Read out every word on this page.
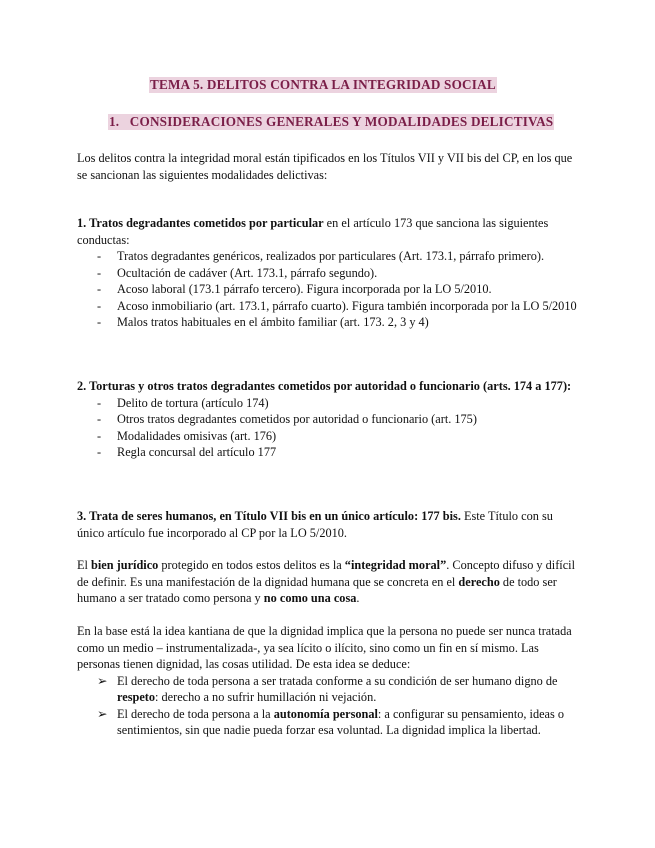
TEMA 5. DELITOS CONTRA LA INTEGRIDAD SOCIAL
1.   CONSIDERACIONES GENERALES Y MODALIDADES DELICTIVAS
Los delitos contra la integridad moral están tipificados en los Títulos VII y VII bis del CP, en los que se sancionan las siguientes modalidades delictivas:
1. Tratos degradantes cometidos por particular en el artículo 173 que sanciona las siguientes conductas:
- Tratos degradantes genéricos, realizados por particulares (Art. 173.1, párrafo primero).
- Ocultación de cadáver (Art. 173.1, párrafo segundo).
- Acoso laboral (173.1 párrafo tercero). Figura incorporada por la LO 5/2010.
- Acoso inmobiliario (art. 173.1, párrafo cuarto). Figura también incorporada por la LO 5/2010
- Malos tratos habituales en el ámbito familiar (art. 173. 2, 3 y 4)
2. Torturas y otros tratos degradantes cometidos por autoridad o funcionario (arts. 174 a 177):
- Delito de tortura (artículo 174)
- Otros tratos degradantes cometidos por autoridad o funcionario (art. 175)
- Modalidades omisivas (art. 176)
- Regla concursal del artículo 177
3. Trata de seres humanos, en Título VII bis en un único artículo: 177 bis. Este Título con su único artículo fue incorporado al CP por la LO 5/2010.
El bien jurídico protegido en todos estos delitos es la “integridad moral”. Concepto difuso y difícil de definir. Es una manifestación de la dignidad humana que se concreta en el derecho de todo ser humano a ser tratado como persona y no como una cosa.
En la base está la idea kantiana de que la dignidad implica que la persona no puede ser nunca tratada como un medio – instrumentalizada-, ya sea lícito o ilícito, sino como un fin en sí mismo. Las personas tienen dignidad, las cosas utilidad. De esta idea se deduce:
➢ El derecho de toda persona a ser tratada conforme a su condición de ser humano digno de respeto: derecho a no sufrir humillación ni vejación.
➢ El derecho de toda persona a la autonomía personal: a configurar su pensamiento, ideas o sentimientos, sin que nadie pueda forzar esa voluntad. La dignidad implica la libertad.
